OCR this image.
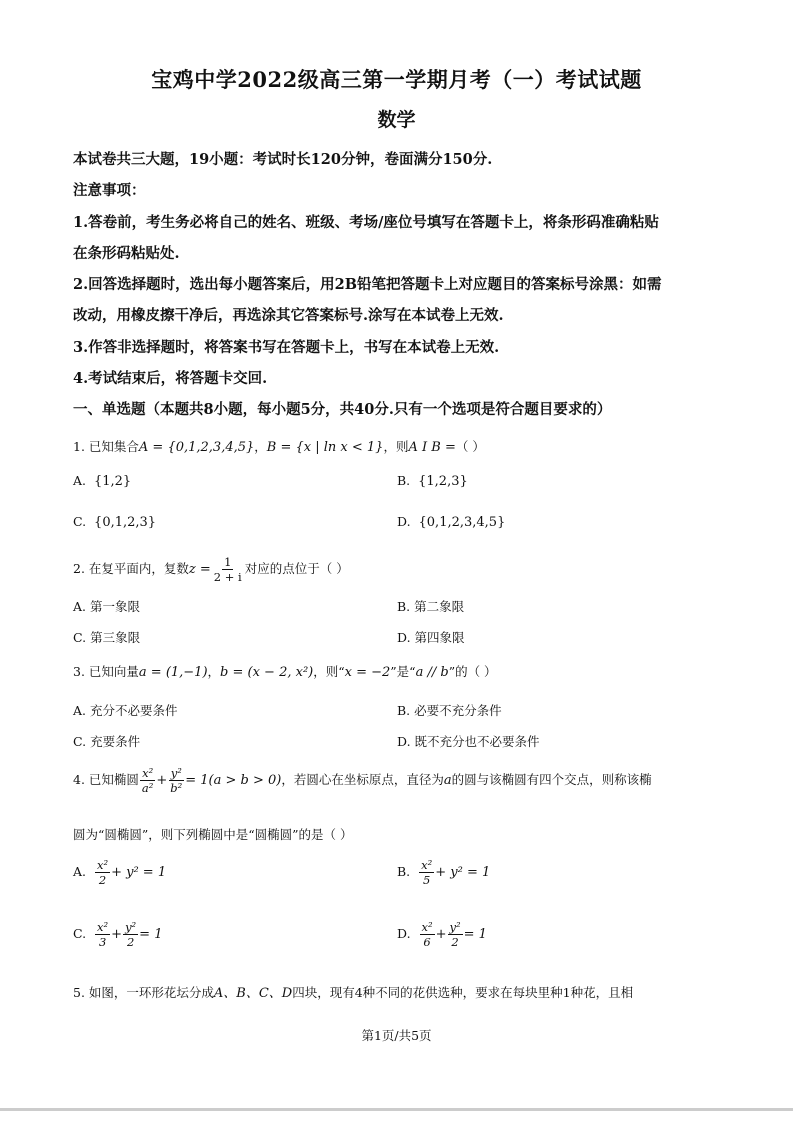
宝鸡中学2022级高三第一学期月考（一）考试试题
数学
本试卷共三大题，19小题：考试时长120分钟，卷面满分150分.
注意事项：
1.答卷前，考生务必将自己的姓名、班级、考场/座位号填写在答题卡上，将条形码准确粘贴
在条形码粘贴处.
2.回答选择题时，选出每小题答案后，用2B铅笔把答题卡上对应题目的答案标号涂黑：如需
改动，用橡皮擦干净后，再选涂其它答案标号.涂写在本试卷上无效.
3.作答非选择题时，将答案书写在答题卡上，书写在本试卷上无效.
4.考试结束后，将答题卡交回.
一、单选题（本题共8小题，每小题5分，共40分.只有一个选项是符合题目要求的）
1. 已知集合A = {0,1,2,3,4,5}，B = {x | ln x < 1}，则A I B =（ ）
A. {1,2}	B. {1,2,3}
C. {0,1,2,3}	D. {0,1,2,3,4,5}
2. 在复平面内，复数$z = \frac{1}{2 + i}$ 对应的点位于（ ）
A. 第一象限	B. 第二象限
C. 第三象限	D. 第四象限
3. 已知向量a = (1,−1)，b = (x − 2, x²)，则“x = −2”是“a // b”的（ ）
A. 充分不必要条件	B. 必要不充分条件
C. 充要条件	D. 既不充分也不必要条件
4. 已知椭圆 $\frac{\text{x²}}{\text{a²}} + \frac{\text{y²}}{\text{b²}} = 1(a > b > 0)$，若圆心在坐标原点，直径为a的圆与该椭圆有四个交点，则称该椭
圆为“圆椭圆”，则下列椭圆中是“圆椭圆”的是（ ）
A. $\frac{\text{x²}}{2} + y^2 = 1$	B. $\frac{\text{x²}}{5} + y^2 = 1$
C. $\frac{\text{x²}}{3} + \frac{\text{y²}}{2} = 1$	D. $\frac{\text{x²}}{6} + \frac{\text{y²}}{2} = 1$
5. 如图，一环形花坛分成A、B、C、D四块，现有4种不同的花供选种，要求在每块里种1种花，且相
第1页/共5页
